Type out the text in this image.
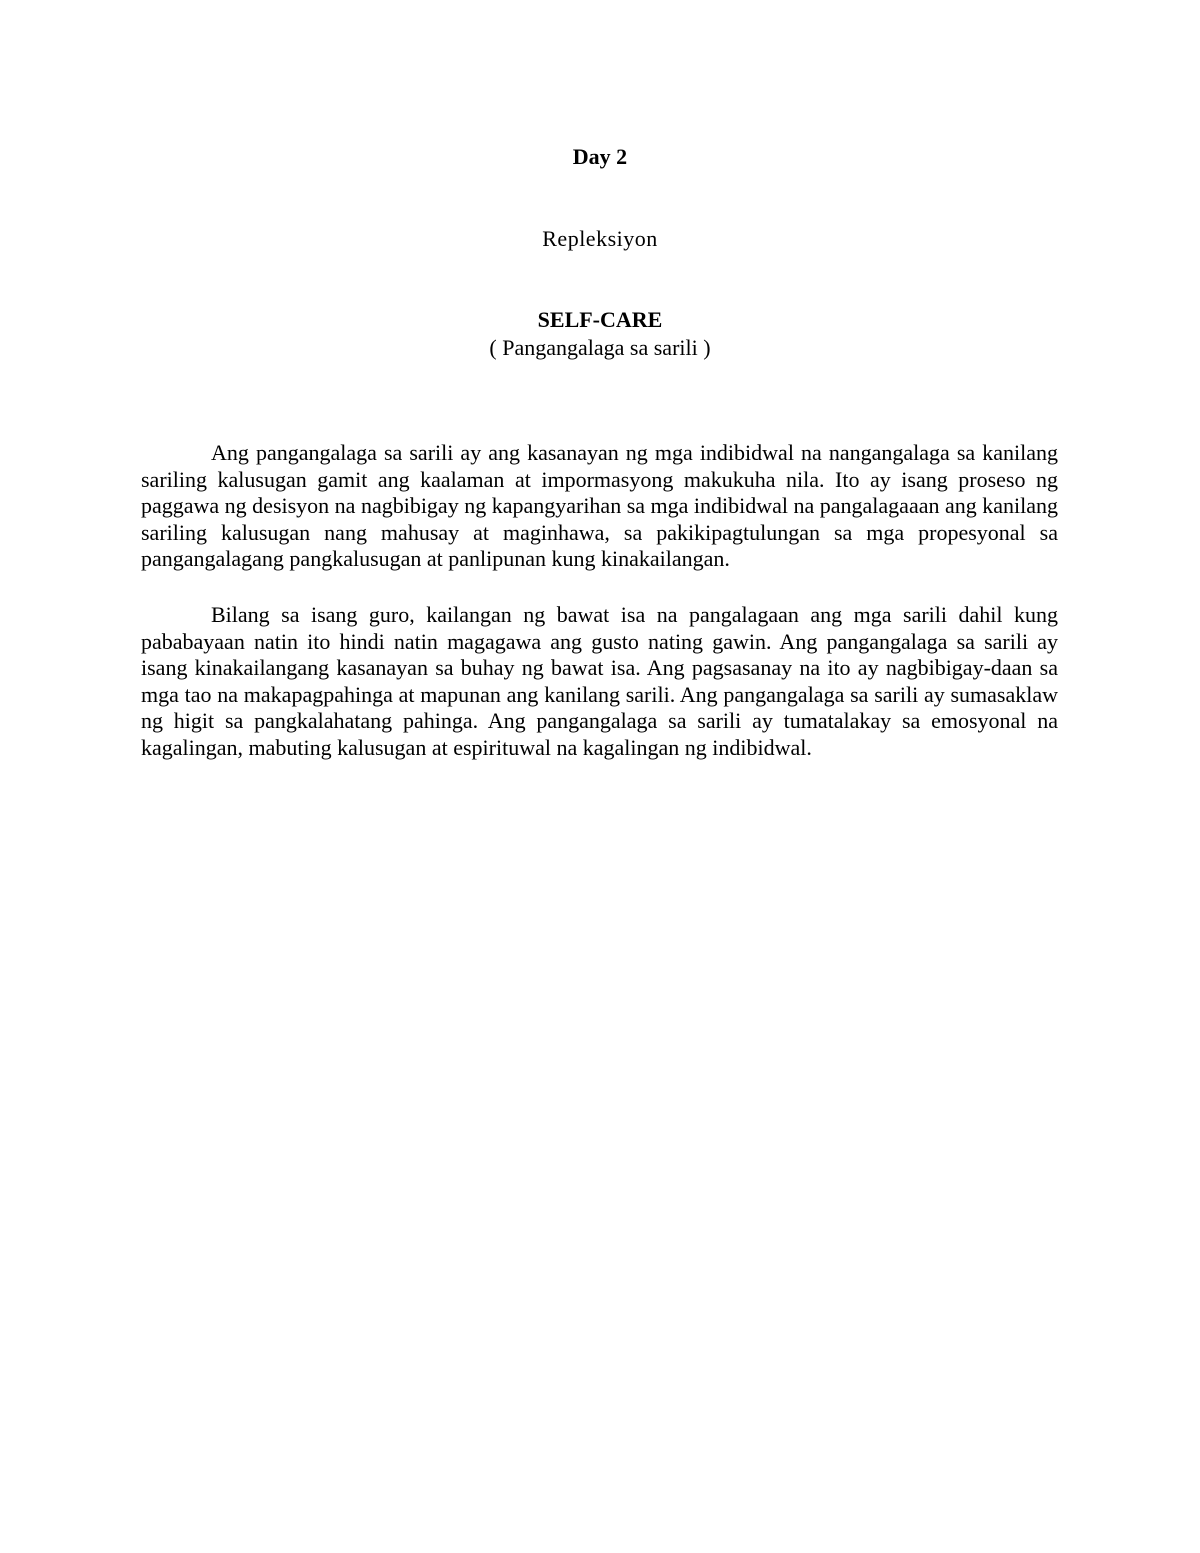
Day 2
Repleksiyon
SELF-CARE
( Pangangalaga sa sarili )

Ang pangangalaga sa sarili ay ang kasanayan ng mga indibidwal na nangangalaga sa kanilang sariling kalusugan gamit ang kaalaman at impormasyong makukuha nila. Ito ay isang proseso ng paggawa ng desisyon na nagbibigay ng kapangyarihan sa mga indibidwal na pangalagaaan ang kanilang sariling kalusugan nang mahusay at maginhawa, sa pakikipagtulungan sa mga propesyonal sa pangangalagang pangkalusugan at panlipunan kung kinakailangan.

Bilang sa isang guro, kailangan ng bawat isa na pangalagaan ang mga sarili dahil kung pababayaan natin ito hindi natin magagawa ang gusto nating gawin. Ang pangangalaga sa sarili ay isang kinakailangang kasanayan sa buhay ng bawat isa. Ang pagsasanay na ito ay nagbibigay-daan sa mga tao na makapagpahinga at mapunan ang kanilang sarili. Ang pangangalaga sa sarili ay sumasaklaw ng higit sa pangkalahatang pahinga. Ang pangangalaga sa sarili ay tumatalakay sa emosyonal na kagalingan, mabuting kalusugan at espirituwal na kagalingan ng indibidwal.
